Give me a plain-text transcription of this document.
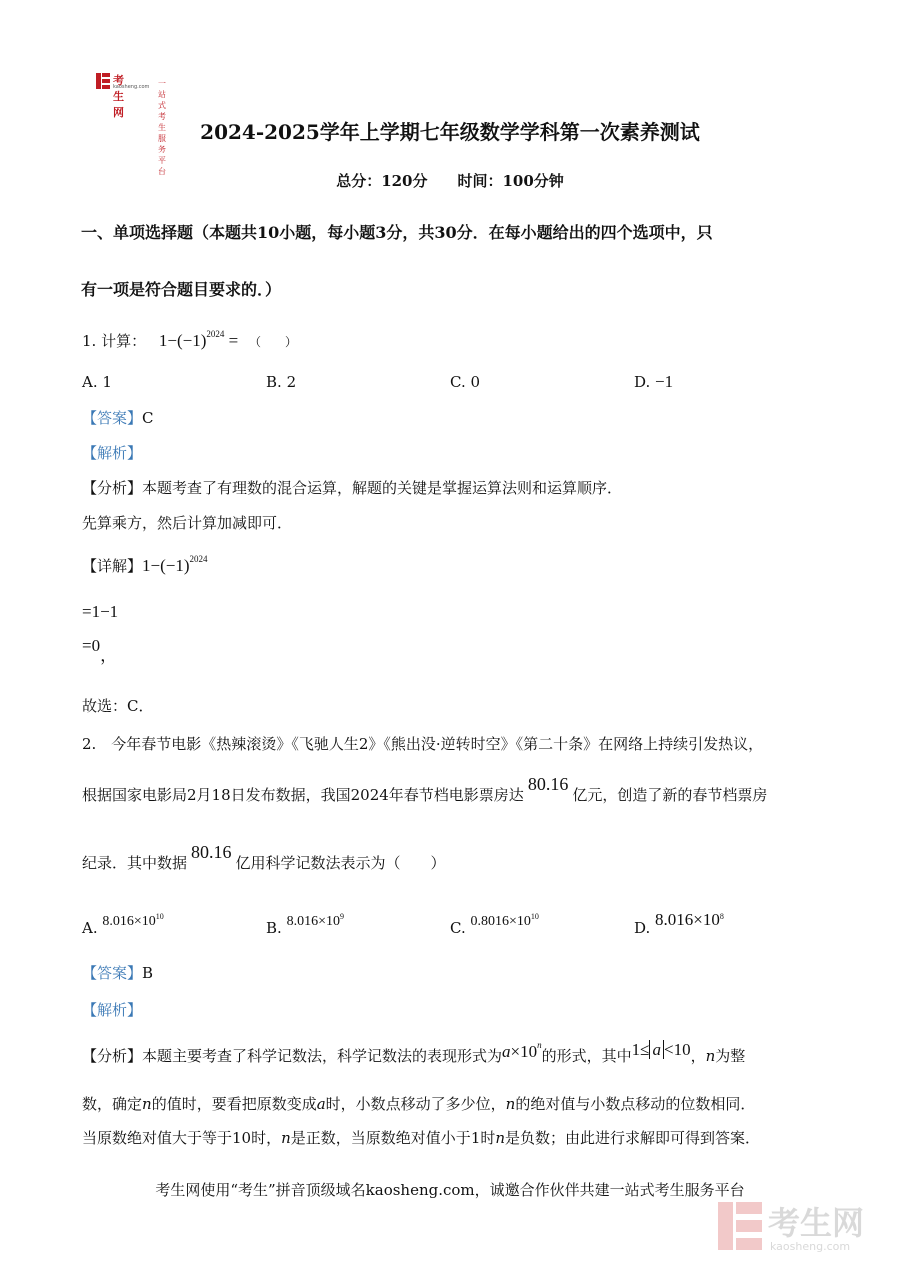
考生网
kaosheng.com 一站式考生服务平台
2024-2025学年上学期七年级数学学科第一次素养测试
总分：120分　　时间：100分钟
一、单项选择题（本题共10小题，每小题3分，共30分．在每小题给出的四个选项中，只
有一项是符合题目要求的．）
1. 计算： $1-(-1)^{2024}$ = （　　）
A. 1	B. 2	C. 0	D. −1
【答案】C
【解析】
【分析】本题考查了有理数的混合运算，解题的关键是掌握运算法则和运算顺序．
先算乘方，然后计算加减即可．
【详解】$1-(-1)^{2024}$
=1−1
=0，
故选：C．
2.　今年春节电影《热辣滚烫》《飞驰人生2》《熊出没·逆转时空》《第二十条》在网络上持续引发热议，
根据国家电影局2月18日发布数据，我国2024年春节档电影票房达80.16亿元，创造了新的春节档票房
纪录．其中数据80.16亿用科学记数法表示为（　　）
A. $8.016\times 10^{10}$
B. $8.016\times 10^9$
C. $0.8016\times 10^{10}$
D. $8.016\times 10^8$
【答案】B
【解析】
【分析】本题主要考查了科学记数法，科学记数法的表现形式为$a\times 10^n$的形式，其中1≤ a <10，n为整
数，确定n的值时，要看把原数变成a时，小数点移动了多少位，n的绝对值与小数点移动的位数相同．
当原数绝对值大于等于10时，n是正数，当原数绝对值小于1时n是负数；由此进行求解即可得到答案．
考生网使用“考生”拼音顶级域名kaosheng.com，诚邀合作伙伴共建一站式考生服务平台
考生网
kaosheng.com
